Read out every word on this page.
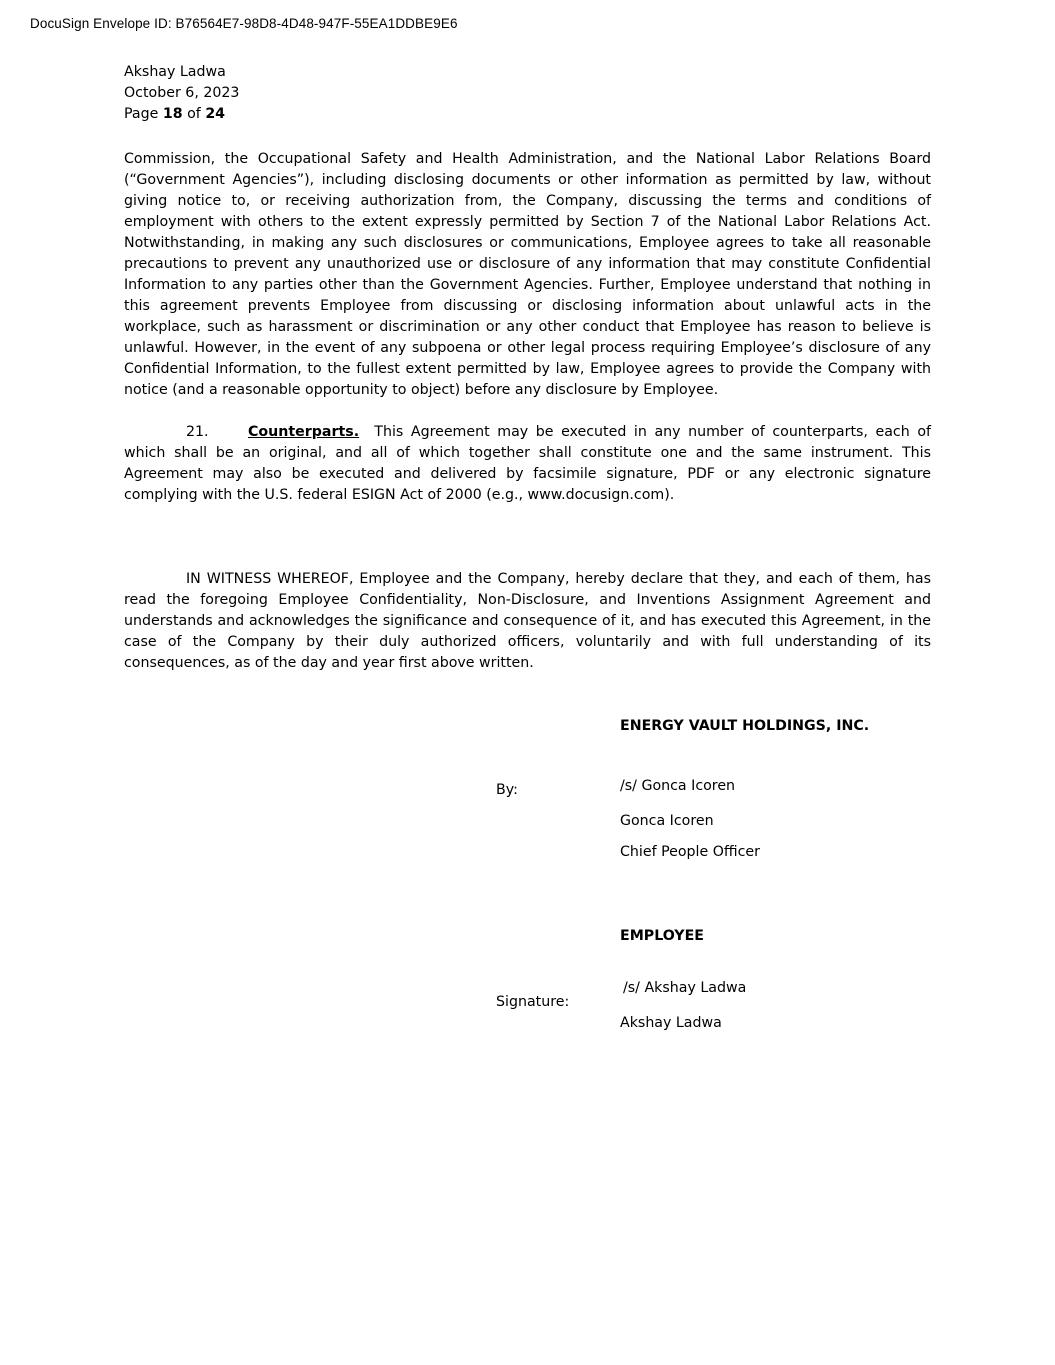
DocuSign Envelope ID: B76564E7-98D8-4D48-947F-55EA1DDBE9E6
Akshay Ladwa
October 6, 2023
Page 18 of 24

Commission, the Occupational Safety and Health Administration, and the National Labor Relations Board (“Government Agencies”), including disclosing documents or other information as permitted by law, without giving notice to, or receiving authorization from, the Company, discussing the terms and conditions of employment with others to the extent expressly permitted by Section 7 of the National Labor Relations Act. Notwithstanding, in making any such disclosures or communications, Employee agrees to take all reasonable precautions to prevent any unauthorized use or disclosure of any information that may constitute Confidential Information to any parties other than the Government Agencies. Further, Employee understand that nothing in this agreement prevents Employee from discussing or disclosing information about unlawful acts in the workplace, such as harassment or discrimination or any other conduct that Employee has reason to believe is unlawful. However, in the event of any subpoena or other legal process requiring Employee’s disclosure of any Confidential Information, to the fullest extent permitted by law, Employee agrees to provide the Company with notice (and a reasonable opportunity to object) before any disclosure by Employee.

21.	Counterparts.  This Agreement may be executed in any number of counterparts, each of which shall be an original, and all of which together shall constitute one and the same instrument. This Agreement may also be executed and delivered by facsimile signature, PDF or any electronic signature complying with the U.S. federal ESIGN Act of 2000 (e.g., www.docusign.com).

IN WITNESS WHEREOF, Employee and the Company, hereby declare that they, and each of them, has read the foregoing Employee Confidentiality, Non-Disclosure, and Inventions Assignment Agreement and understands and acknowledges the significance and consequence of it, and has executed this Agreement, in the case of the Company by their duly authorized officers, voluntarily and with full understanding of its consequences, as of the day and year first above written.

ENERGY VAULT HOLDINGS, INC.
By:	/s/ Gonca Icoren
Gonca Icoren
Chief People Officer
EMPLOYEE
Signature:
/s/ Akshay Ladwa
Akshay Ladwa
